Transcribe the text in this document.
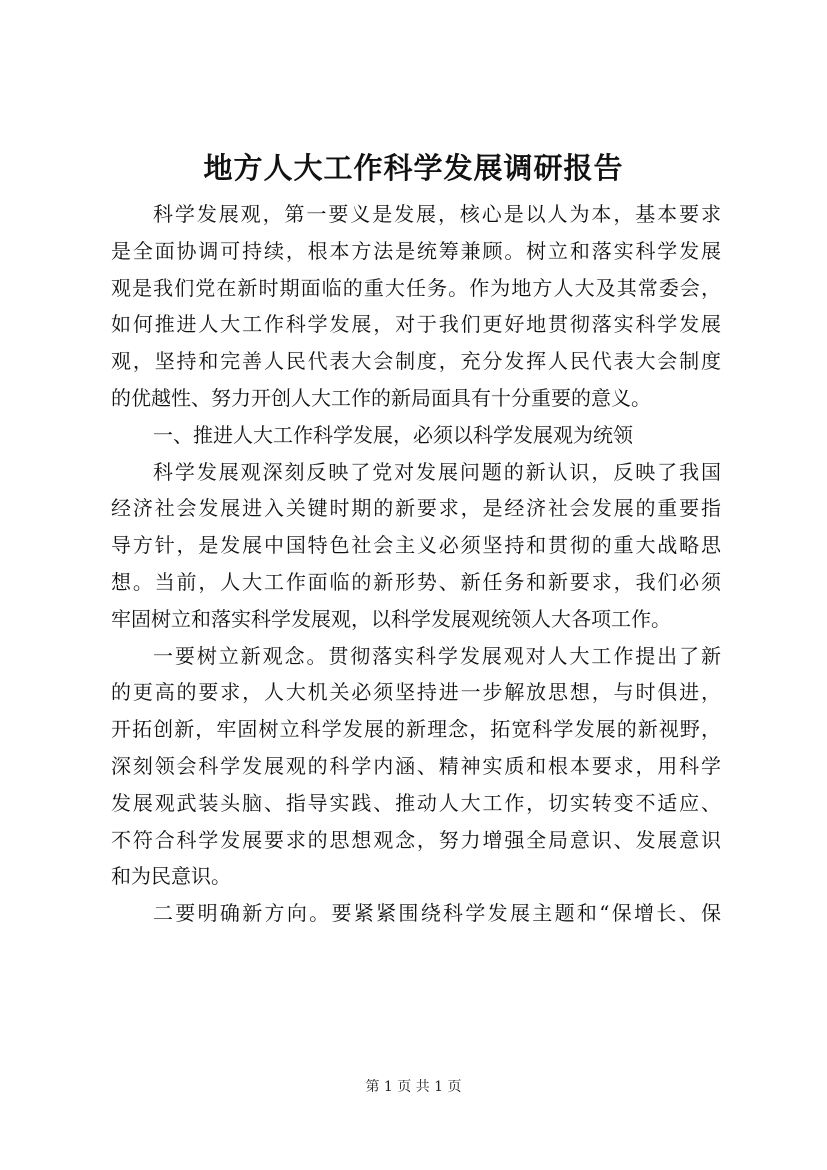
地方人大工作科学发展调研报告
科学发展观，第一要义是发展，核心是以人为本，基本要求
是全面协调可持续，根本方法是统筹兼顾。树立和落实科学发展
观是我们党在新时期面临的重大任务。作为地方人大及其常委会，
如何推进人大工作科学发展，对于我们更好地贯彻落实科学发展
观，坚持和完善人民代表大会制度，充分发挥人民代表大会制度
的优越性、努力开创人大工作的新局面具有十分重要的意义。
一、推进人大工作科学发展，必须以科学发展观为统领
科学发展观深刻反映了党对发展问题的新认识，反映了我国
经济社会发展进入关键时期的新要求，是经济社会发展的重要指
导方针，是发展中国特色社会主义必须坚持和贯彻的重大战略思
想。当前，人大工作面临的新形势、新任务和新要求，我们必须
牢固树立和落实科学发展观，以科学发展观统领人大各项工作。
一要树立新观念。贯彻落实科学发展观对人大工作提出了新
的更高的要求，人大机关必须坚持进一步解放思想，与时俱进，
开拓创新，牢固树立科学发展的新理念，拓宽科学发展的新视野，
深刻领会科学发展观的科学内涵、精神实质和根本要求，用科学
发展观武装头脑、指导实践、推动人大工作，切实转变不适应、
不符合科学发展要求的思想观念，努力增强全局意识、发展意识
和为民意识。
二要明确新方向。要紧紧围绕科学发展主题和“保增长、保
第 1 页 共 1 页
